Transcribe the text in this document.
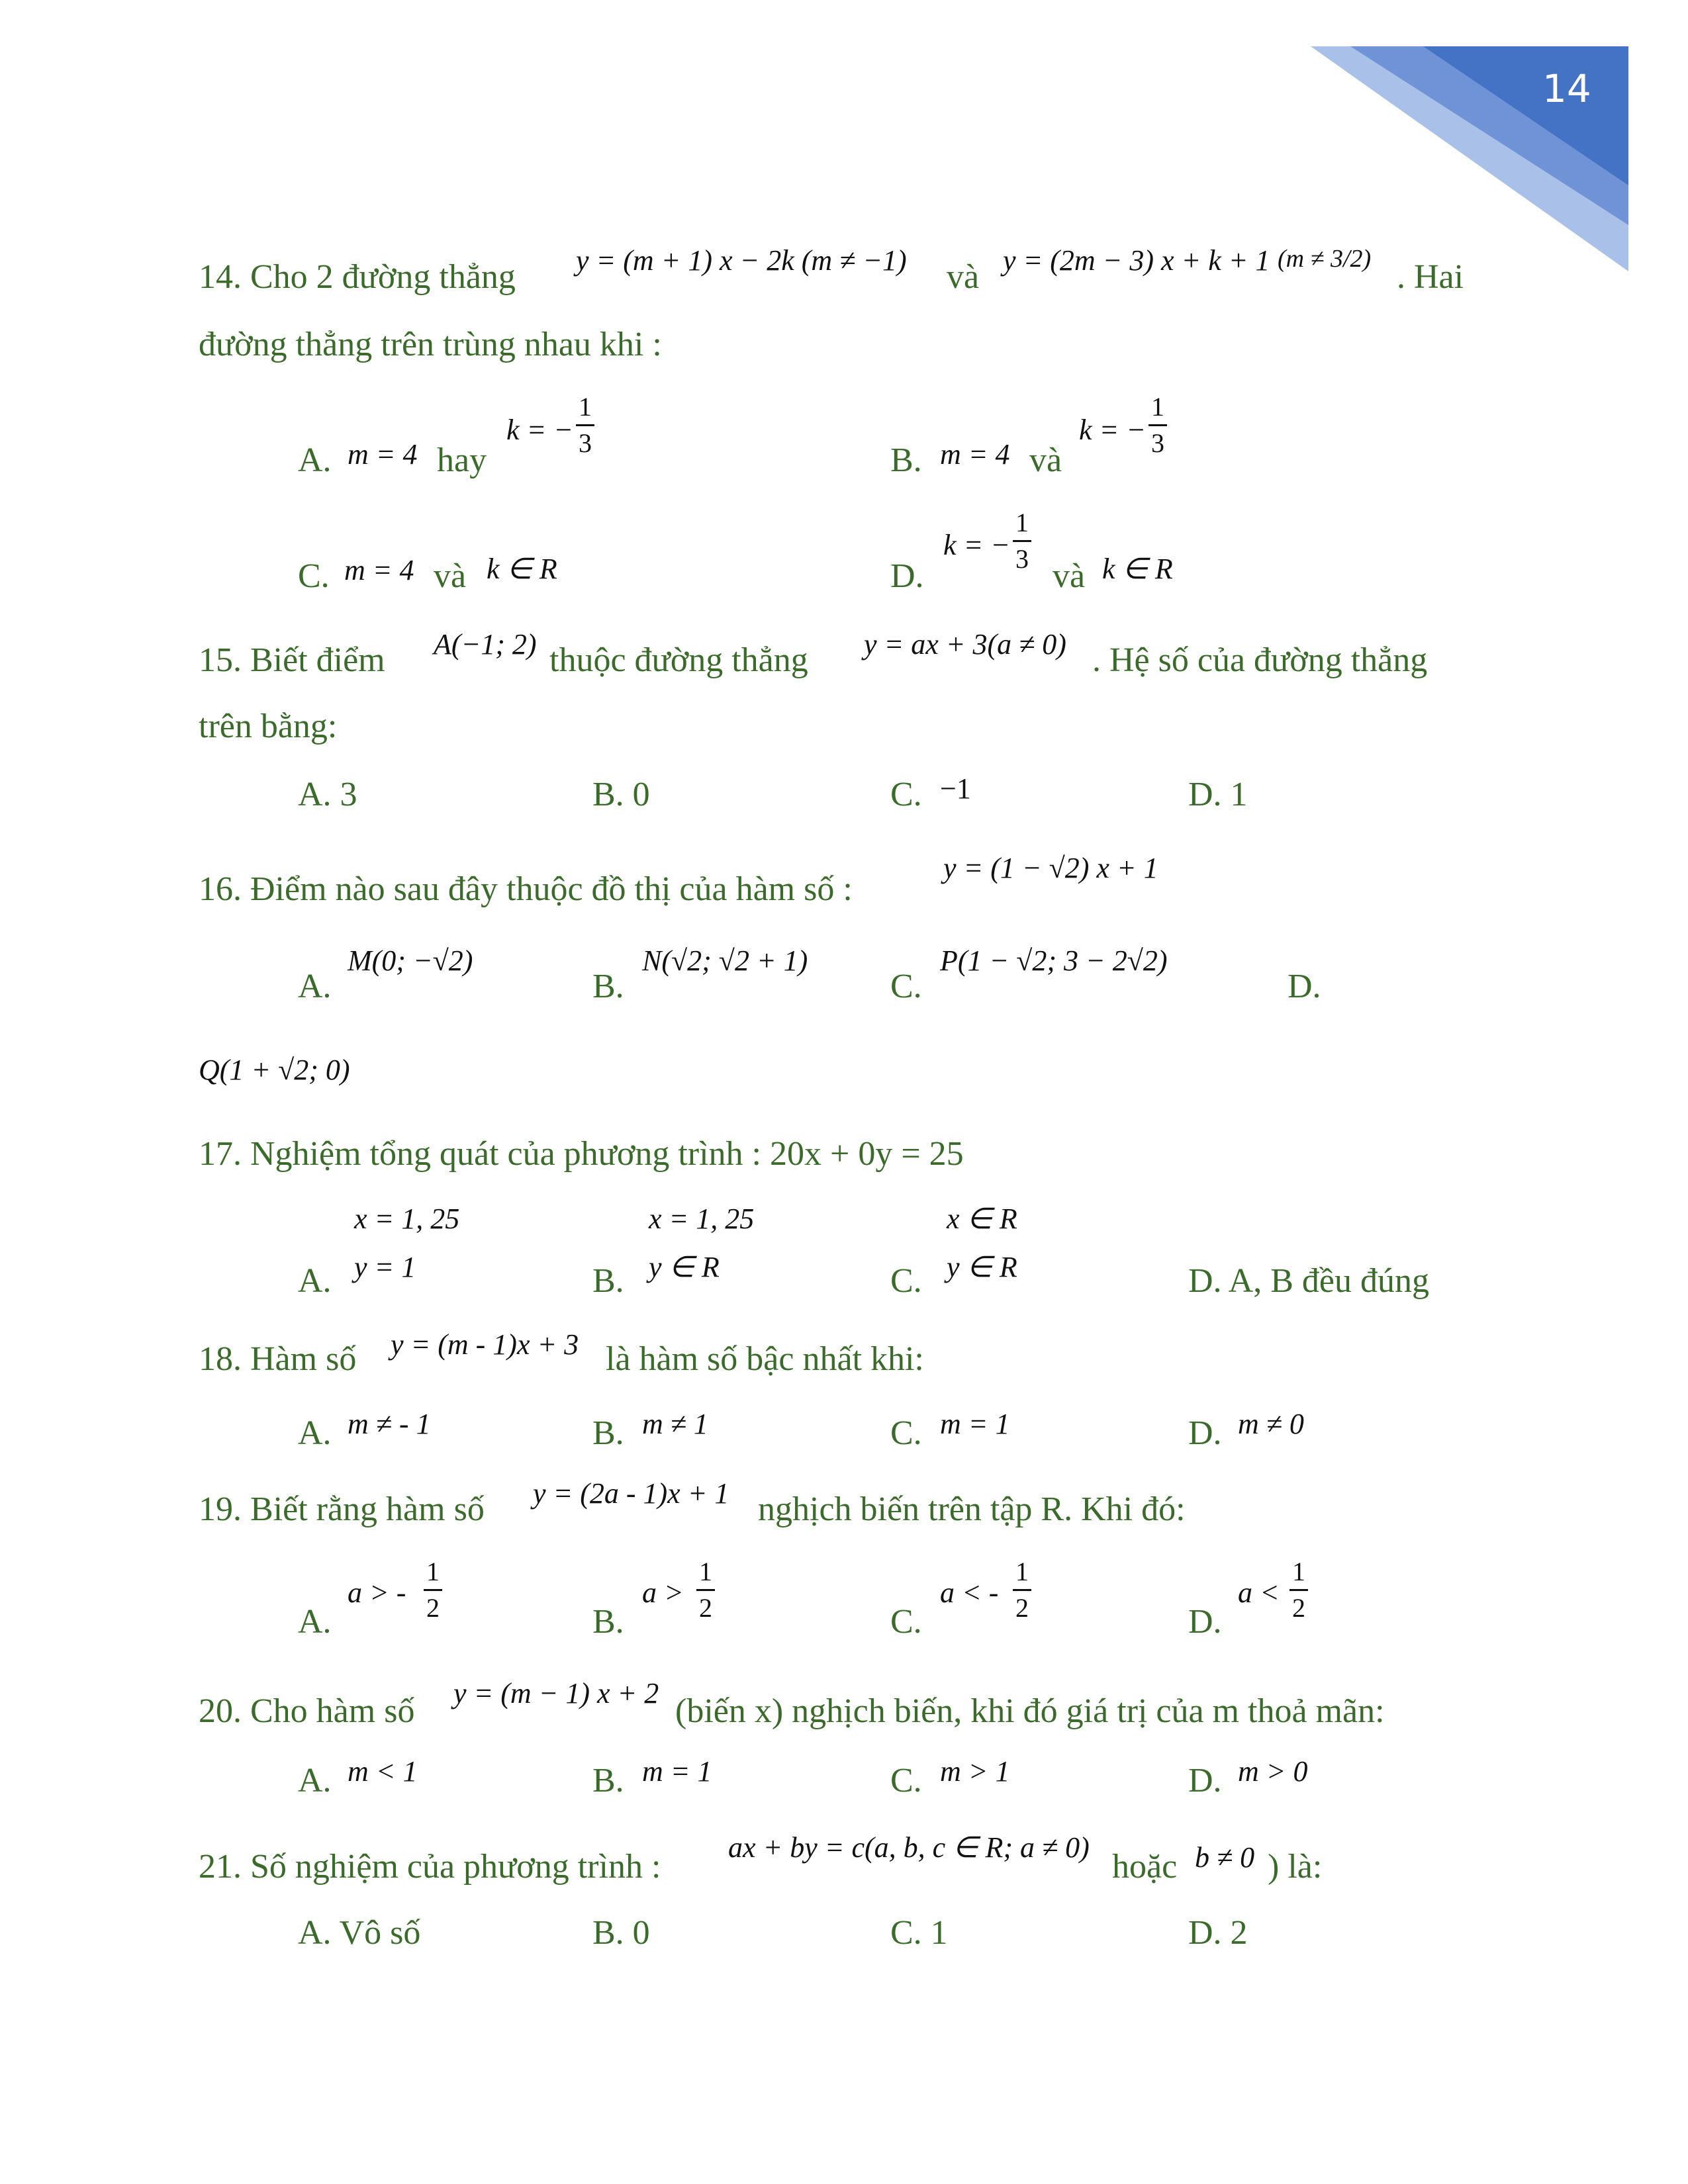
14
14. Cho 2 đường thẳng y = (m + 1) x − 2k (m ≠ −1) và y = (2m − 3) x + k + 1 (m ≠ 3/2) . Hai
đường thẳng trên trùng nhau khi :
A. m = 4 hay
k = − $\frac{1}{3}$
B. m = 4 và
k = − $\frac{1}{3}$
C. m = 4 và k ∈ R	D.
k = − $\frac{1}{3}$
và k ∈ R
15. Biết điểm A(−1; 2) thuộc đường thẳng y = ax + 3(a ≠ 0) . Hệ số của đường thẳng
trên bằng:
A. 3	B. 0	C. −1	D. 1
16. Điểm nào sau đây thuộc đồ thị của hàm số :
y = (1 − √2) x + 1
A.
M(0; −√2)
B.
N(√2; √2 + 1)
C.
P(1 − √2; 3 − 2√2)
D.
Q(1 + √2; 0)
17. Nghiệm tổng quát của phương trình : 20x + 0y = 25
A.
x = 1, 25
y = 1	B.
x = 1, 25
y ∈ R	C.
x ∈ R
y ∈ R	D. A, B đều đúng
18. Hàm số y = (m - 1)x + 3 là hàm số bậc nhất khi:
A. m ≠ - 1	B. m ≠ 1	C. m = 1	D. m ≠ 0
19. Biết rằng hàm số y = (2a - 1)x + 1 nghịch biến trên tập R. Khi đó:
A.
a > - $\frac{1}{2}$
B.
$a > \frac{1}{2}$
C.
a < - $\frac{1}{2}$
D.
$a < \frac{1}{2}$
20. Cho hàm số y = (m − 1) x + 2 (biến x) nghịch biến, khi đó giá trị của m thoả mãn:
A. m < 1	B. m = 1	C. m > 1	D. m > 0
21. Số nghiệm của phương trình :
ax + by = c(a, b, c ∈ R; a ≠ 0)
hoặc b ≠ 0 ) là:
A. Vô số	B. 0	C. 1	D. 2
